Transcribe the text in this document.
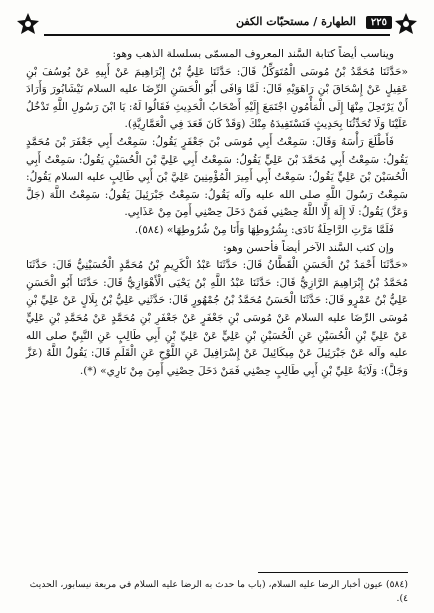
٢٢٥
الطهارة / مستحبّات الكفن

ويناسب أيضاً كتابة السَّند المعروف المسمّى بسلسلة الذهب وهو:

«حَدَّثَنَا مُحَمَّدُ بْنُ مُوسَى الْمُتَوَكِّلُ قَالَ: حَدَّثَنَا عَلِيُّ بْنُ إِبْرَاهِيمَ عَنْ أَبِيهِ عَنْ يُوسُفَ بْنِ عَقِيلٍ عَنْ إِسْحَاقَ بْنِ رَاهَوَيْهِ قَالَ: لَمَّا وَافَى أَبُو الْحَسَنِ الرِّضَا عليه السلام نَيْشَابُورَ وَأَرَادَ أَنْ يَرْتَحِلَ مِنْهَا إِلَى الْمَأْمُونِ اجْتَمَعَ إِلَيْهِ أَصْحَابُ الْحَدِيثِ فَقَالُوا لَهُ: يَا ابْنَ رَسُولِ اللَّهِ تَدْخُلُ عَلَيْنَا وَلَا تُحَدِّثُنَا بِحَدِيثٍ فَنَسْتَفِيدَهُ مِنْكَ (وَقَدْ كَانَ قَعَدَ فِي الْعَمَّارِيَّةِ).

فَأَطْلَعَ رَأْسَهُ وَقَالَ: سَمِعْتُ أَبِي مُوسَى بْنَ جَعْفَرٍ يَقُولُ: سَمِعْتُ أَبِي جَعْفَرَ بْنَ مُحَمَّدٍ يَقُولُ: سَمِعْتُ أَبِي مُحَمَّدَ بْنَ عَلِيٍّ يَقُولُ: سَمِعْتُ أَبِي عَلِيَّ بْنَ الْحُسَيْنِ يَقُولُ: سَمِعْتُ أَبِي الْحُسَيْنَ بْنَ عَلِيٍّ يَقُولُ: سَمِعْتُ أَبِي أَمِيرَ الْمُؤْمِنِينَ عَلِيَّ بْنَ أَبِي طَالِبٍ عليه السلام يَقُولُ: سَمِعْتُ رَسُولَ اللَّهِ صلى الله عليه وآله يَقُولُ: سَمِعْتُ جَبْرَئِيلَ يَقُولُ: سَمِعْتُ اللَّهَ (جَلَّ وَعَزَّ) يَقُولُ: لَا إِلَهَ إِلَّا اللَّهُ حِصْنِي فَمَنْ دَخَلَ حِصْنِي أَمِنَ مِنْ عَذَابِي.

فَلَمَّا مَرَّتِ الرَّاحِلَةُ نَادَى: بِشُرُوطِهَا وَأَنَا مِنْ شُرُوطِهَا» (٥٨٤).

وإن كتب السَّند الآخر أيضاً فأحسن وهو:

«حَدَّثَنَا أَحْمَدُ بْنُ الْحَسَنِ الْقَطَّانُ قَالَ: حَدَّثَنَا عَبْدُ الْكَرِيمِ بْنُ مُحَمَّدٍ الْحُسَيْنِيُّ قَالَ: حَدَّثَنَا مُحَمَّدُ بْنُ إِبْرَاهِيمَ الرَّازِيُّ قَالَ: حَدَّثَنَا عَبْدُ اللَّهِ بْنُ يَحْيَى الْأَهْوَازِيُّ قَالَ: حَدَّثَنَا أَبُو الْحَسَنِ عَلِيُّ بْنُ عَمْرٍو قَالَ: حَدَّثَنَا الْحَسَنُ مُحَمَّدُ بْنُ جُمْهُورٍ قَالَ: حَدَّثَنِي عَلِيُّ بْنُ بِلَالٍ عَنْ عَلِيِّ بْنِ مُوسَى الرِّضَا عليه السلام عَنْ مُوسَى بْنِ جَعْفَرٍ عَنْ جَعْفَرِ بْنِ مُحَمَّدٍ عَنْ مُحَمَّدِ بْنِ عَلِيٍّ عَنْ عَلِيِّ بْنِ الْحُسَيْنِ عَنِ الْحُسَيْنِ بْنِ عَلِيٍّ عَنْ عَلِيِّ بْنِ أَبِي طَالِبٍ عَنِ النَّبِيِّ صلى الله عليه وآله عَنْ جَبْرَئِيلَ عَنْ مِيكَائِيلَ عَنْ إِسْرَافِيلَ عَنِ اللَّوْحِ عَنِ الْقَلَمِ قَالَ: يَقُولُ اللَّهُ (عَزَّ وَجَلَّ): وَلَايَةُ عَلِيِّ بْنِ أَبِي طَالِبٍ حِصْنِي فَمَنْ دَخَلَ حِصْنِي أَمِنَ مِنْ نَارِي» (*).

(٥٨٤) عيون أخبار الرضا عليه السلام، (باب ما حدث به الرضا عليه السلام في مربعة نيسابور، الحديث ٤).
